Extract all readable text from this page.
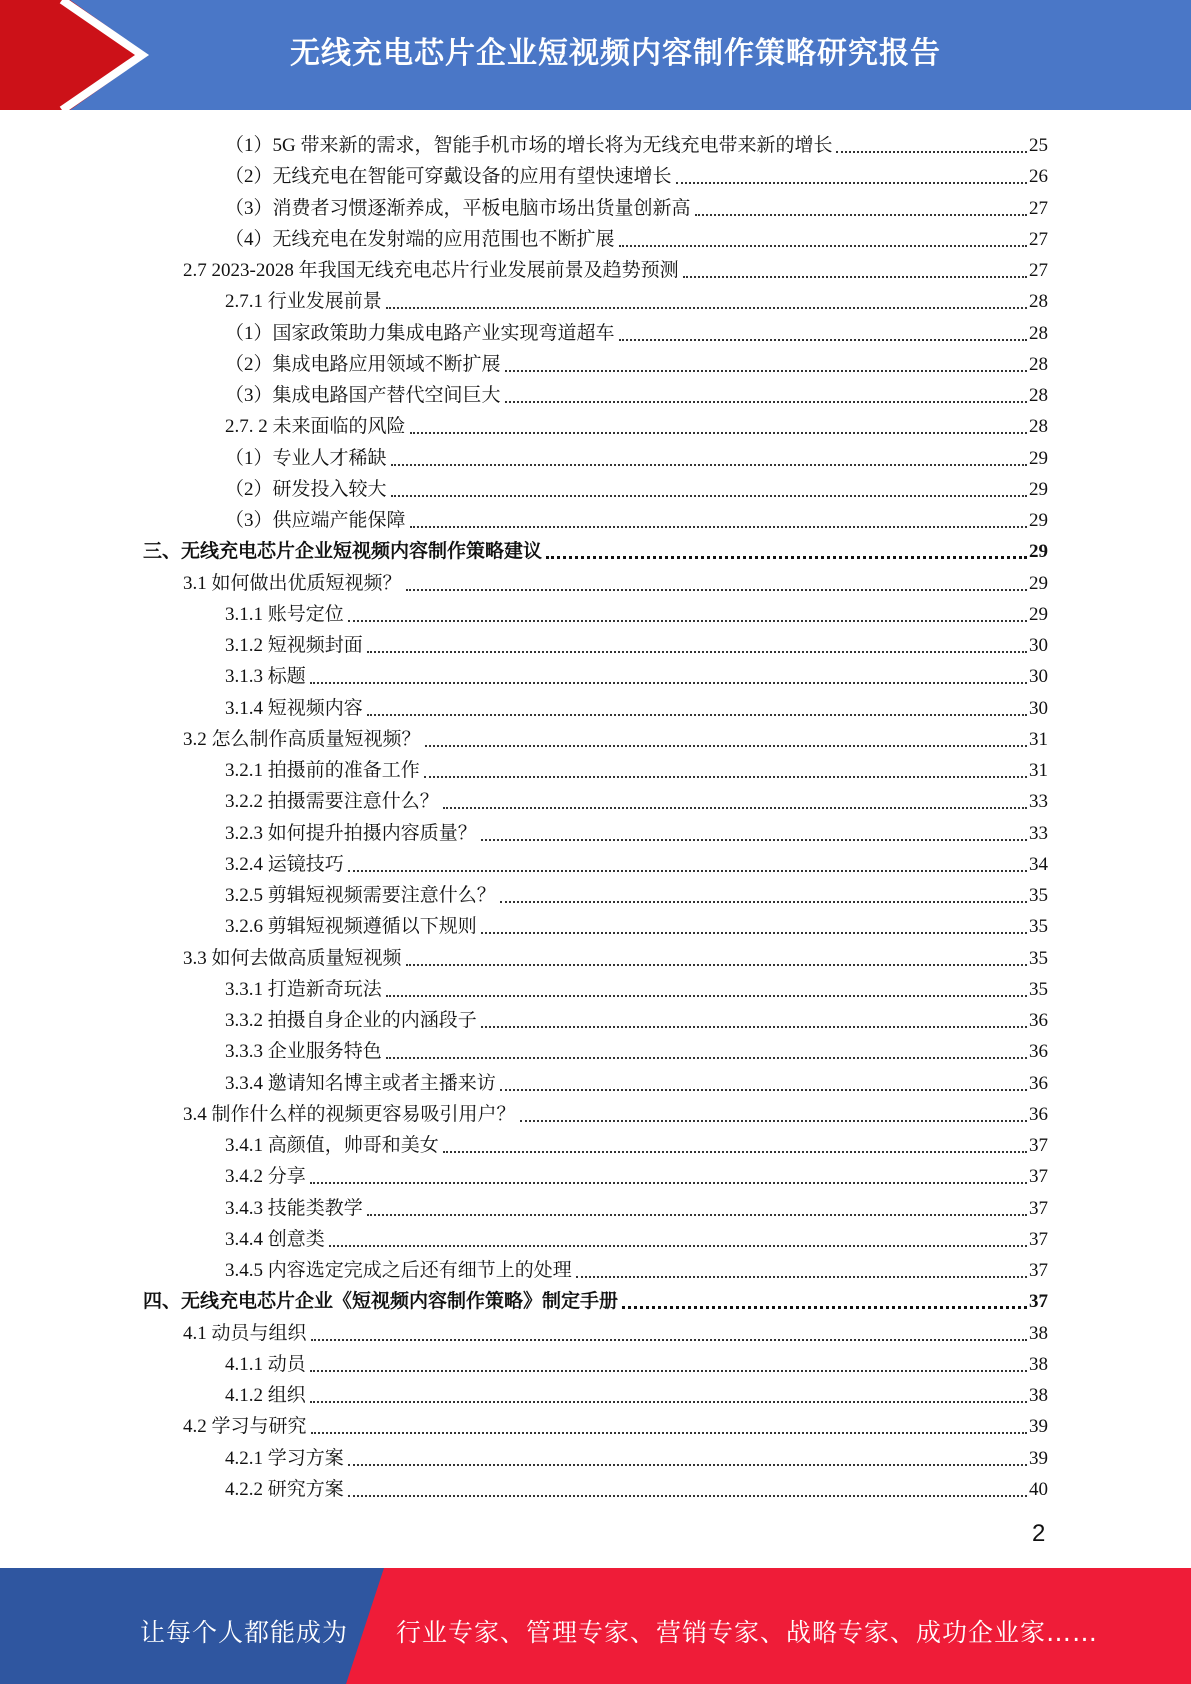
无线充电芯片企业短视频内容制作策略研究报告
（1）5G 带来新的需求，智能手机市场的增长将为无线充电带来新的增长	25
（2）无线充电在智能可穿戴设备的应用有望快速增长	26
（3）消费者习惯逐渐养成，平板电脑市场出货量创新高	27
（4）无线充电在发射端的应用范围也不断扩展	27
2.7 2023-2028 年我国无线充电芯片行业发展前景及趋势预测	27
2.7.1 行业发展前景	28
（1）国家政策助力集成电路产业实现弯道超车	28
（2）集成电路应用领域不断扩展	28
（3）集成电路国产替代空间巨大	28
2.7. 2 未来面临的风险	28
（1）专业人才稀缺	29
（2）研发投入较大	29
（3）供应端产能保障	29
三、无线充电芯片企业短视频内容制作策略建议	29
3.1 如何做出优质短视频？	29
3.1.1 账号定位	29
3.1.2 短视频封面	30
3.1.3 标题	30
3.1.4 短视频内容	30
3.2 怎么制作高质量短视频？	31
3.2.1 拍摄前的准备工作	31
3.2.2 拍摄需要注意什么？	33
3.2.3 如何提升拍摄内容质量？	33
3.2.4 运镜技巧	34
3.2.5 剪辑短视频需要注意什么？	35
3.2.6 剪辑短视频遵循以下规则	35
3.3 如何去做高质量短视频	35
3.3.1 打造新奇玩法	35
3.3.2 拍摄自身企业的内涵段子	36
3.3.3 企业服务特色	36
3.3.4 邀请知名博主或者主播来访	36
3.4 制作什么样的视频更容易吸引用户？	36
3.4.1 高颜值，帅哥和美女	37
3.4.2 分享	37
3.4.3 技能类教学	37
3.4.4 创意类	37
3.4.5 内容选定完成之后还有细节上的处理	37
四、无线充电芯片企业《短视频内容制作策略》制定手册	37
4.1 动员与组织	38
4.1.1 动员	38
4.1.2 组织	38
4.2 学习与研究	39
4.2.1 学习方案	39
4.2.2 研究方案	40
2
让每个人都能成为 行业专家、管理专家、营销专家、战略专家、成功企业家……
